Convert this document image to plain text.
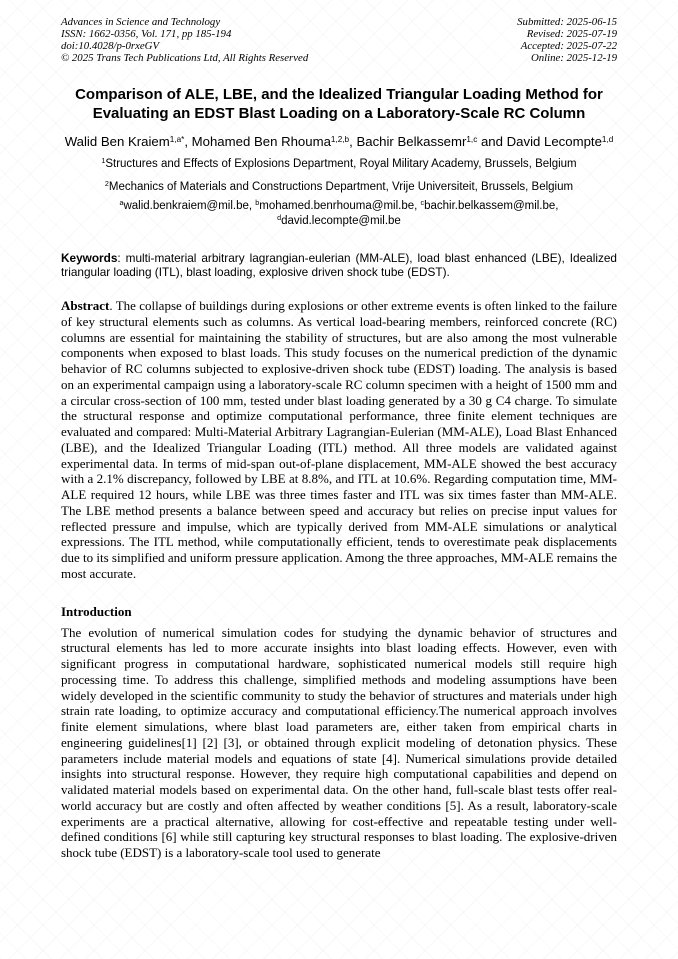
Advances in Science and Technology
ISSN: 1662-0356, Vol. 171, pp 185-194
doi:10.4028/p-0rxeGV
© 2025 Trans Tech Publications Ltd, All Rights Reserved
Submitted: 2025-06-15
Revised: 2025-07-19
Accepted: 2025-07-22
Online: 2025-12-19
Comparison of ALE, LBE, and the Idealized Triangular Loading Method for Evaluating an EDST Blast Loading on a Laboratory-Scale RC Column
Walid Ben Kraiem$^{1,a*}$, Mohamed Ben Rhouma$^{1,2,b}$, Bachir Belkassemr$^{1,c}$ and David Lecompte$^{1,d}$
$^1$Structures and Effects of Explosions Department, Royal Military Academy, Brussels, Belgium
$^2$Mechanics of Materials and Constructions Department, Vrije Universiteit, Brussels, Belgium
$^a$walid.benkraiem@mil.be, $^b$mohamed.benrhouma@mil.be, $^c$bachir.belkassem@mil.be, $^d$david.lecompte@mil.be

Keywords: multi-material arbitrary lagrangian-eulerian (MM-ALE), load blast enhanced (LBE), Idealized triangular loading (ITL), blast loading, explosive driven shock tube (EDST).

Abstract. The collapse of buildings during explosions or other extreme events is often linked to the failure of key structural elements such as columns. As vertical load-bearing members, reinforced concrete (RC) columns are essential for maintaining the stability of structures, but are also among the most vulnerable components when exposed to blast loads. This study focuses on the numerical prediction of the dynamic behavior of RC columns subjected to explosive-driven shock tube (EDST) loading. The analysis is based on an experimental campaign using a laboratory-scale RC column specimen with a height of 1500 mm and a circular cross-section of 100 mm, tested under blast loading generated by a 30 g C4 charge. To simulate the structural response and optimize computational performance, three finite element techniques are evaluated and compared: Multi-Material Arbitrary Lagrangian-Eulerian (MM-ALE), Load Blast Enhanced (LBE), and the Idealized Triangular Loading (ITL) method. All three models are validated against experimental data. In terms of mid-span out-of-plane displacement, MM-ALE showed the best accuracy with a 2.1% discrepancy, followed by LBE at 8.8%, and ITL at 10.6%. Regarding computation time, MM-ALE required 12 hours, while LBE was three times faster and ITL was six times faster than MM-ALE. The LBE method presents a balance between speed and accuracy but relies on precise input values for reflected pressure and impulse, which are typically derived from MM-ALE simulations or analytical expressions. The ITL method, while computationally efficient, tends to overestimate peak displacements due to its simplified and uniform pressure application. Among the three approaches, MM-ALE remains the most accurate.

Introduction

The evolution of numerical simulation codes for studying the dynamic behavior of structures and structural elements has led to more accurate insights into blast loading effects. However, even with significant progress in computational hardware, sophisticated numerical models still require high processing time. To address this challenge, simplified methods and modeling assumptions have been widely developed in the scientific community to study the behavior of structures and materials under high strain rate loading, to optimize accuracy and computational efficiency.The numerical approach involves finite element simulations, where blast load parameters are, either taken from empirical charts in engineering guidelines[1] [2] [3], or obtained through explicit modeling of detonation physics. These parameters include material models and equations of state [4]. Numerical simulations provide detailed insights into structural response. However, they require high computational capabilities and depend on validated material models based on experimental data. On the other hand, full-scale blast tests offer real-world accuracy but are costly and often affected by weather conditions [5]. As a result, laboratory-scale experiments are a practical alternative, allowing for cost-effective and repeatable testing under well-defined conditions [6] while still capturing key structural responses to blast loading. The explosive-driven shock tube (EDST) is a laboratory-scale tool used to generate
